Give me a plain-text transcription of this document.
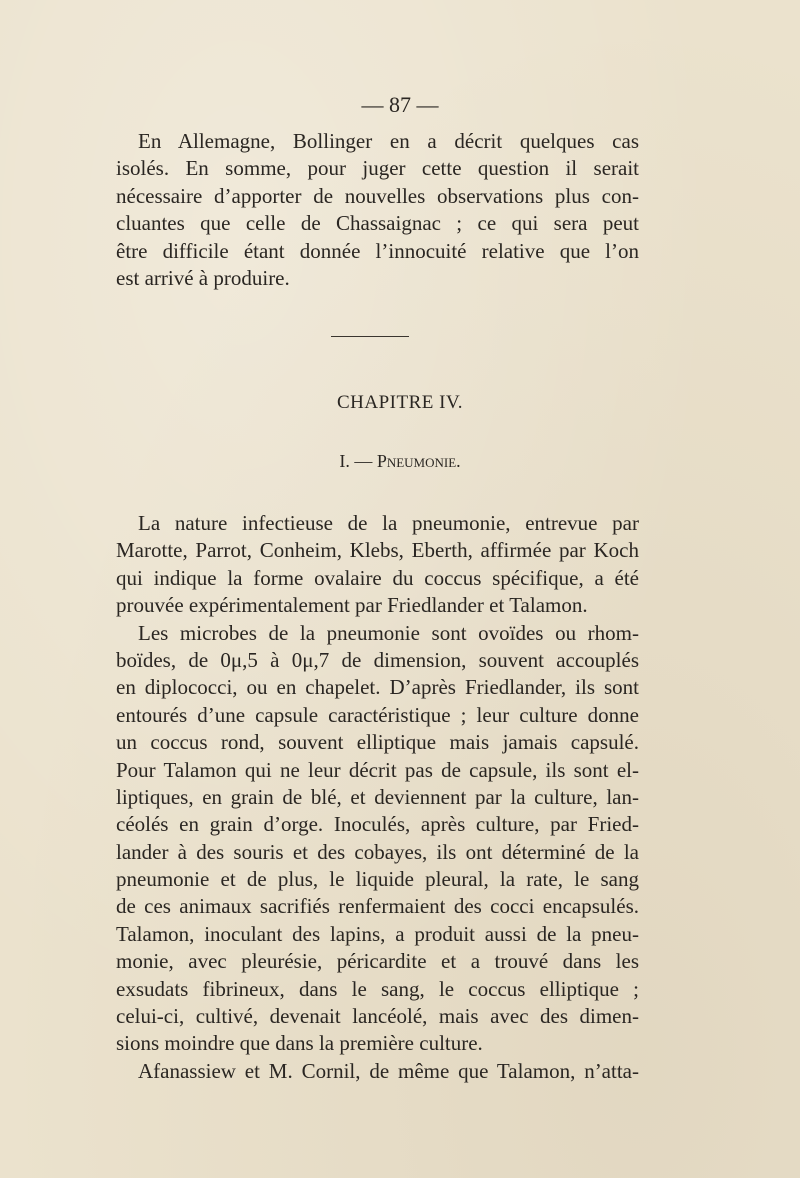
— 87 —
En Allemagne, Bollinger en a décrit quelques cas
isolés. En somme, pour juger cette question il serait
nécessaire d’apporter de nouvelles observations plus con-
cluantes que celle de Chassaignac ; ce qui sera peut
être difficile étant donnée l’innocuité relative que l’on
est arrivé à produire.
CHAPITRE IV.
I. — Pneumonie.
La nature infectieuse de la pneumonie, entrevue par
Marotte, Parrot, Conheim, Klebs, Eberth, affirmée par Koch
qui indique la forme ovalaire du coccus spécifique, a été
prouvée expérimentalement par Friedlander et Talamon.
Les microbes de la pneumonie sont ovoïdes ou rhom-
boïdes, de 0μ,5 à 0μ,7 de dimension, souvent accouplés
en diplococci, ou en chapelet. D’après Friedlander, ils sont
entourés d’une capsule caractéristique ; leur culture donne
un coccus rond, souvent elliptique mais jamais capsulé.
Pour Talamon qui ne leur décrit pas de capsule, ils sont el-
liptiques, en grain de blé, et deviennent par la culture, lan-
céolés en grain d’orge. Inoculés, après culture, par Fried-
lander à des souris et des cobayes, ils ont déterminé de la
pneumonie et de plus, le liquide pleural, la rate, le sang
de ces animaux sacrifiés renfermaient des cocci encapsulés.
Talamon, inoculant des lapins, a produit aussi de la pneu-
monie, avec pleurésie, péricardite et a trouvé dans les
exsudats fibrineux, dans le sang, le coccus elliptique ;
celui-ci, cultivé, devenait lancéolé, mais avec des dimen-
sions moindre que dans la première culture.
Afanassiew et M. Cornil, de même que Talamon, n’atta-
